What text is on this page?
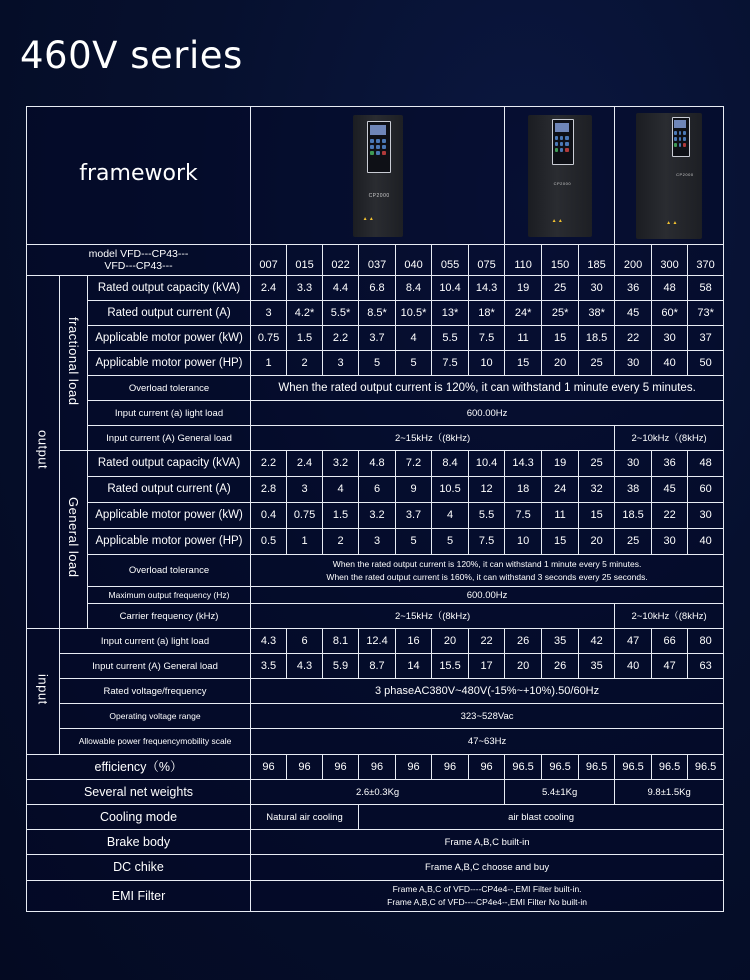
460V series
framework	
CP2000
▲ ▲

CP2000
▲ ▲

CP2000
▲ ▲

model VFD---CP43---
VFD---CP43---			007	015	022	037	040	055	075	110	150	185	200	300	370
output	fractional load	Rated output capacity (kVA)	2.4	3.3	4.4	6.8	8.4	10.4	14.3	19	25	30	36	48	58
		Rated output current (A)	3	4.2*	5.5*	8.5*	10.5*	13*	18*	24*	25*	38*	45	60*	73*
		Applicable motor power (kW)	0.75	1.5	2.2	3.7	4	5.5	7.5	11	15	18.5	22	30	37
		Applicable motor power (HP)	1	2	3	5	5	7.5	10	15	20	25	30	40	50
		Overload tolerance	When the rated output current is 120%, it can withstand 1 minute every 5 minutes.												
		Input current (a) light load	600.00Hz												
		Input current (A) General load	2~15kHz（(8kHz)										2~10kHz（(8kHz)		
	General load	Rated output capacity (kVA)	2.2	2.4	3.2	4.8	7.2	8.4	10.4	14.3	19	25	30	36	48
		Rated output current (A)	2.8	3	4	6	9	10.5	12	18	24	32	38	45	60
		Applicable motor power (kW)	0.4	0.75	1.5	3.2	3.7	4	5.5	7.5	11	15	18.5	22	30
		Applicable motor power (HP)	0.5	1	2	3	5	5	7.5	10	15	20	25	30	40
		Overload tolerance	When the rated output current is 120%, it can withstand 1 minute every 5 minutes.
When the rated output current is 160%, it can withstand 3 seconds every 25 seconds.												

		Maximum output frequency (Hz)	600.00Hz												
		Carrier frequency (kHz)	2~15kHz（(8kHz)										2~10kHz（(8kHz)		
input	Input current (a) light load		4.3	6	8.1	12.4	16	20	22	26	35	42	47	66	80
	Input current (A) General load		3.5	4.3	5.9	8.7	14	15.5	17	20	26	35	40	47	63
	Rated voltage/frequency		3 phaseAC380V~480V(-15%~+10%).50/60Hz												
	Operating voltage range		323~528Vac												
	Allowable power frequencymobility scale		47~63Hz												
efficiency（%）			96	96	96	96	96	96	96	96.5	96.5	96.5	96.5	96.5	96.5
Several net weights			2.6±0.3Kg							5.4±1Kg			9.8±1.5Kg		
Cooling mode			Natural air cooling			air blast cooling									
Brake body			Frame A,B,C built-in												
DC chike			Frame A,B,C choose and buy												
EMI Filter			Frame A,B,C of VFD----CP4e4--,EMI Filter built-in.
Frame A,B,C of VFD----CP4e4--,EMI Filter No built-in												
